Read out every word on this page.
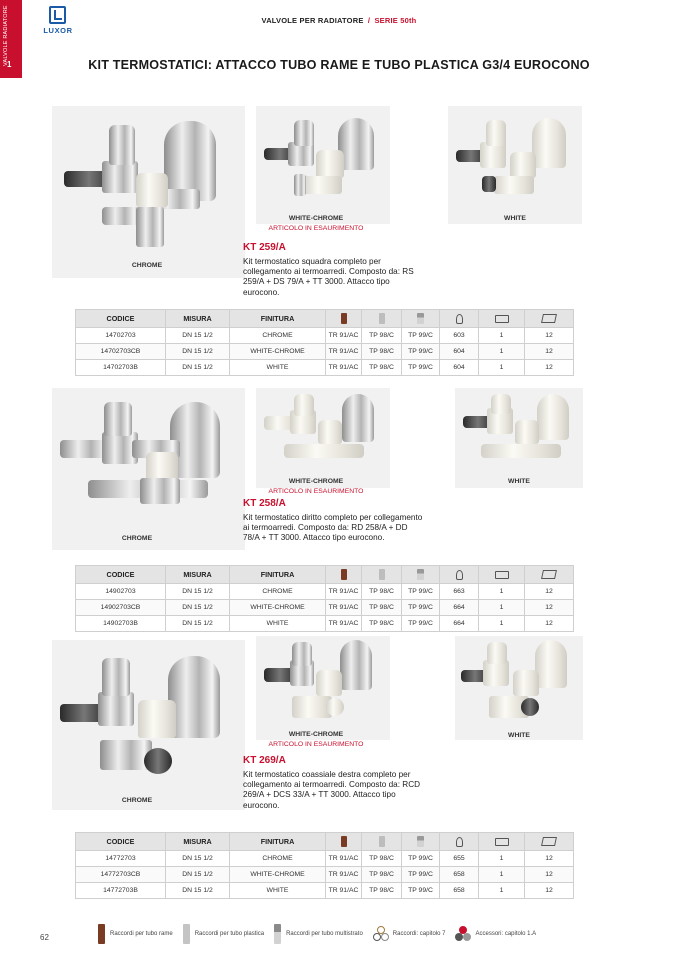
VALVOLE RADIATORE
1
LUXOR
VALVOLE PER RADIATORE / SERIE 50th
KIT TERMOSTATICI: ATTACCO TUBO RAME E TUBO PLASTICA G3/4 EUROCONO
CHROME
WHITE-CHROME
ARTICOLO IN ESAURIMENTO
WHITE
KT 259/A
Kit termostatico squadra completo per collegamento ai termoarredi. Composto da: RS 259/A + DS 79/A + TT 3000. Attacco tipo eurocono.
CODICE	MISURA	FINITURA						
14702703	DN 15 1/2	CHROME	TR 91/AC	TP 98/C	TP 99/C	603	1	12
14702703CB	DN 15 1/2	WHITE-CHROME	TR 91/AC	TP 98/C	TP 99/C	604	1	12
14702703B	DN 15 1/2	WHITE	TR 91/AC	TP 98/C	TP 99/C	604	1	12
CHROME
WHITE-CHROME
ARTICOLO IN ESAURIMENTO
WHITE
KT 258/A
Kit termostatico diritto completo per collegamento ai termoarredi. Composto da: RD 258/A + DD 78/A + TT 3000. Attacco tipo eurocono.
CODICE	MISURA	FINITURA						
14902703	DN 15 1/2	CHROME	TR 91/AC	TP 98/C	TP 99/C	663	1	12
14902703CB	DN 15 1/2	WHITE-CHROME	TR 91/AC	TP 98/C	TP 99/C	664	1	12
14902703B	DN 15 1/2	WHITE	TR 91/AC	TP 98/C	TP 99/C	664	1	12
CHROME
WHITE-CHROME
ARTICOLO IN ESAURIMENTO
WHITE
KT 269/A
Kit termostatico coassiale destra completo per collegamento ai termoarredi. Composto da: RCD 269/A + DCS 33/A + TT 3000. Attacco tipo eurocono.
CODICE	MISURA	FINITURA						
14772703	DN 15 1/2	CHROME	TR 91/AC	TP 98/C	TP 99/C	655	1	12
14772703CB	DN 15 1/2	WHITE-CHROME	TR 91/AC	TP 98/C	TP 99/C	658	1	12
14772703B	DN 15 1/2	WHITE	TR 91/AC	TP 98/C	TP 99/C	658	1	12
62	Raccordi per tubo rame	Raccordi per tubo plastica	Raccordi per tubo multistrato	Raccordi: capitolo 7	Accessori: capitolo 1.A
